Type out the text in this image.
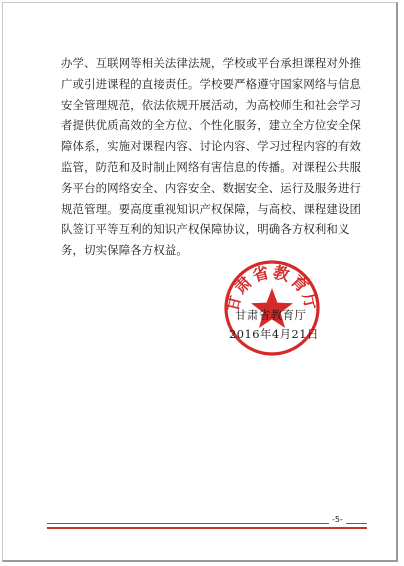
办学、互联网等相关法律法规，学校或平台承担课程对外推
广或引进课程的直接责任。学校要严格遵守国家网络与信息
安全管理规范，依法依规开展活动，为高校师生和社会学习
者提供优质高效的全方位、个性化服务，建立全方位安全保
障体系，实施对课程内容、讨论内容、学习过程内容的有效
监管，防范和及时制止网络有害信息的传播。对课程公共服
务平台的网络安全、内容安全、数据安全、运行及服务进行
规范管理。要高度重视知识产权保障，与高校、课程建设团
队签订平等互利的知识产权保障协议，明确各方权利和义
务，切实保障各方权益。
甘肃省教育厅
甘肃省教育厅
2016年4月21日
-5-
